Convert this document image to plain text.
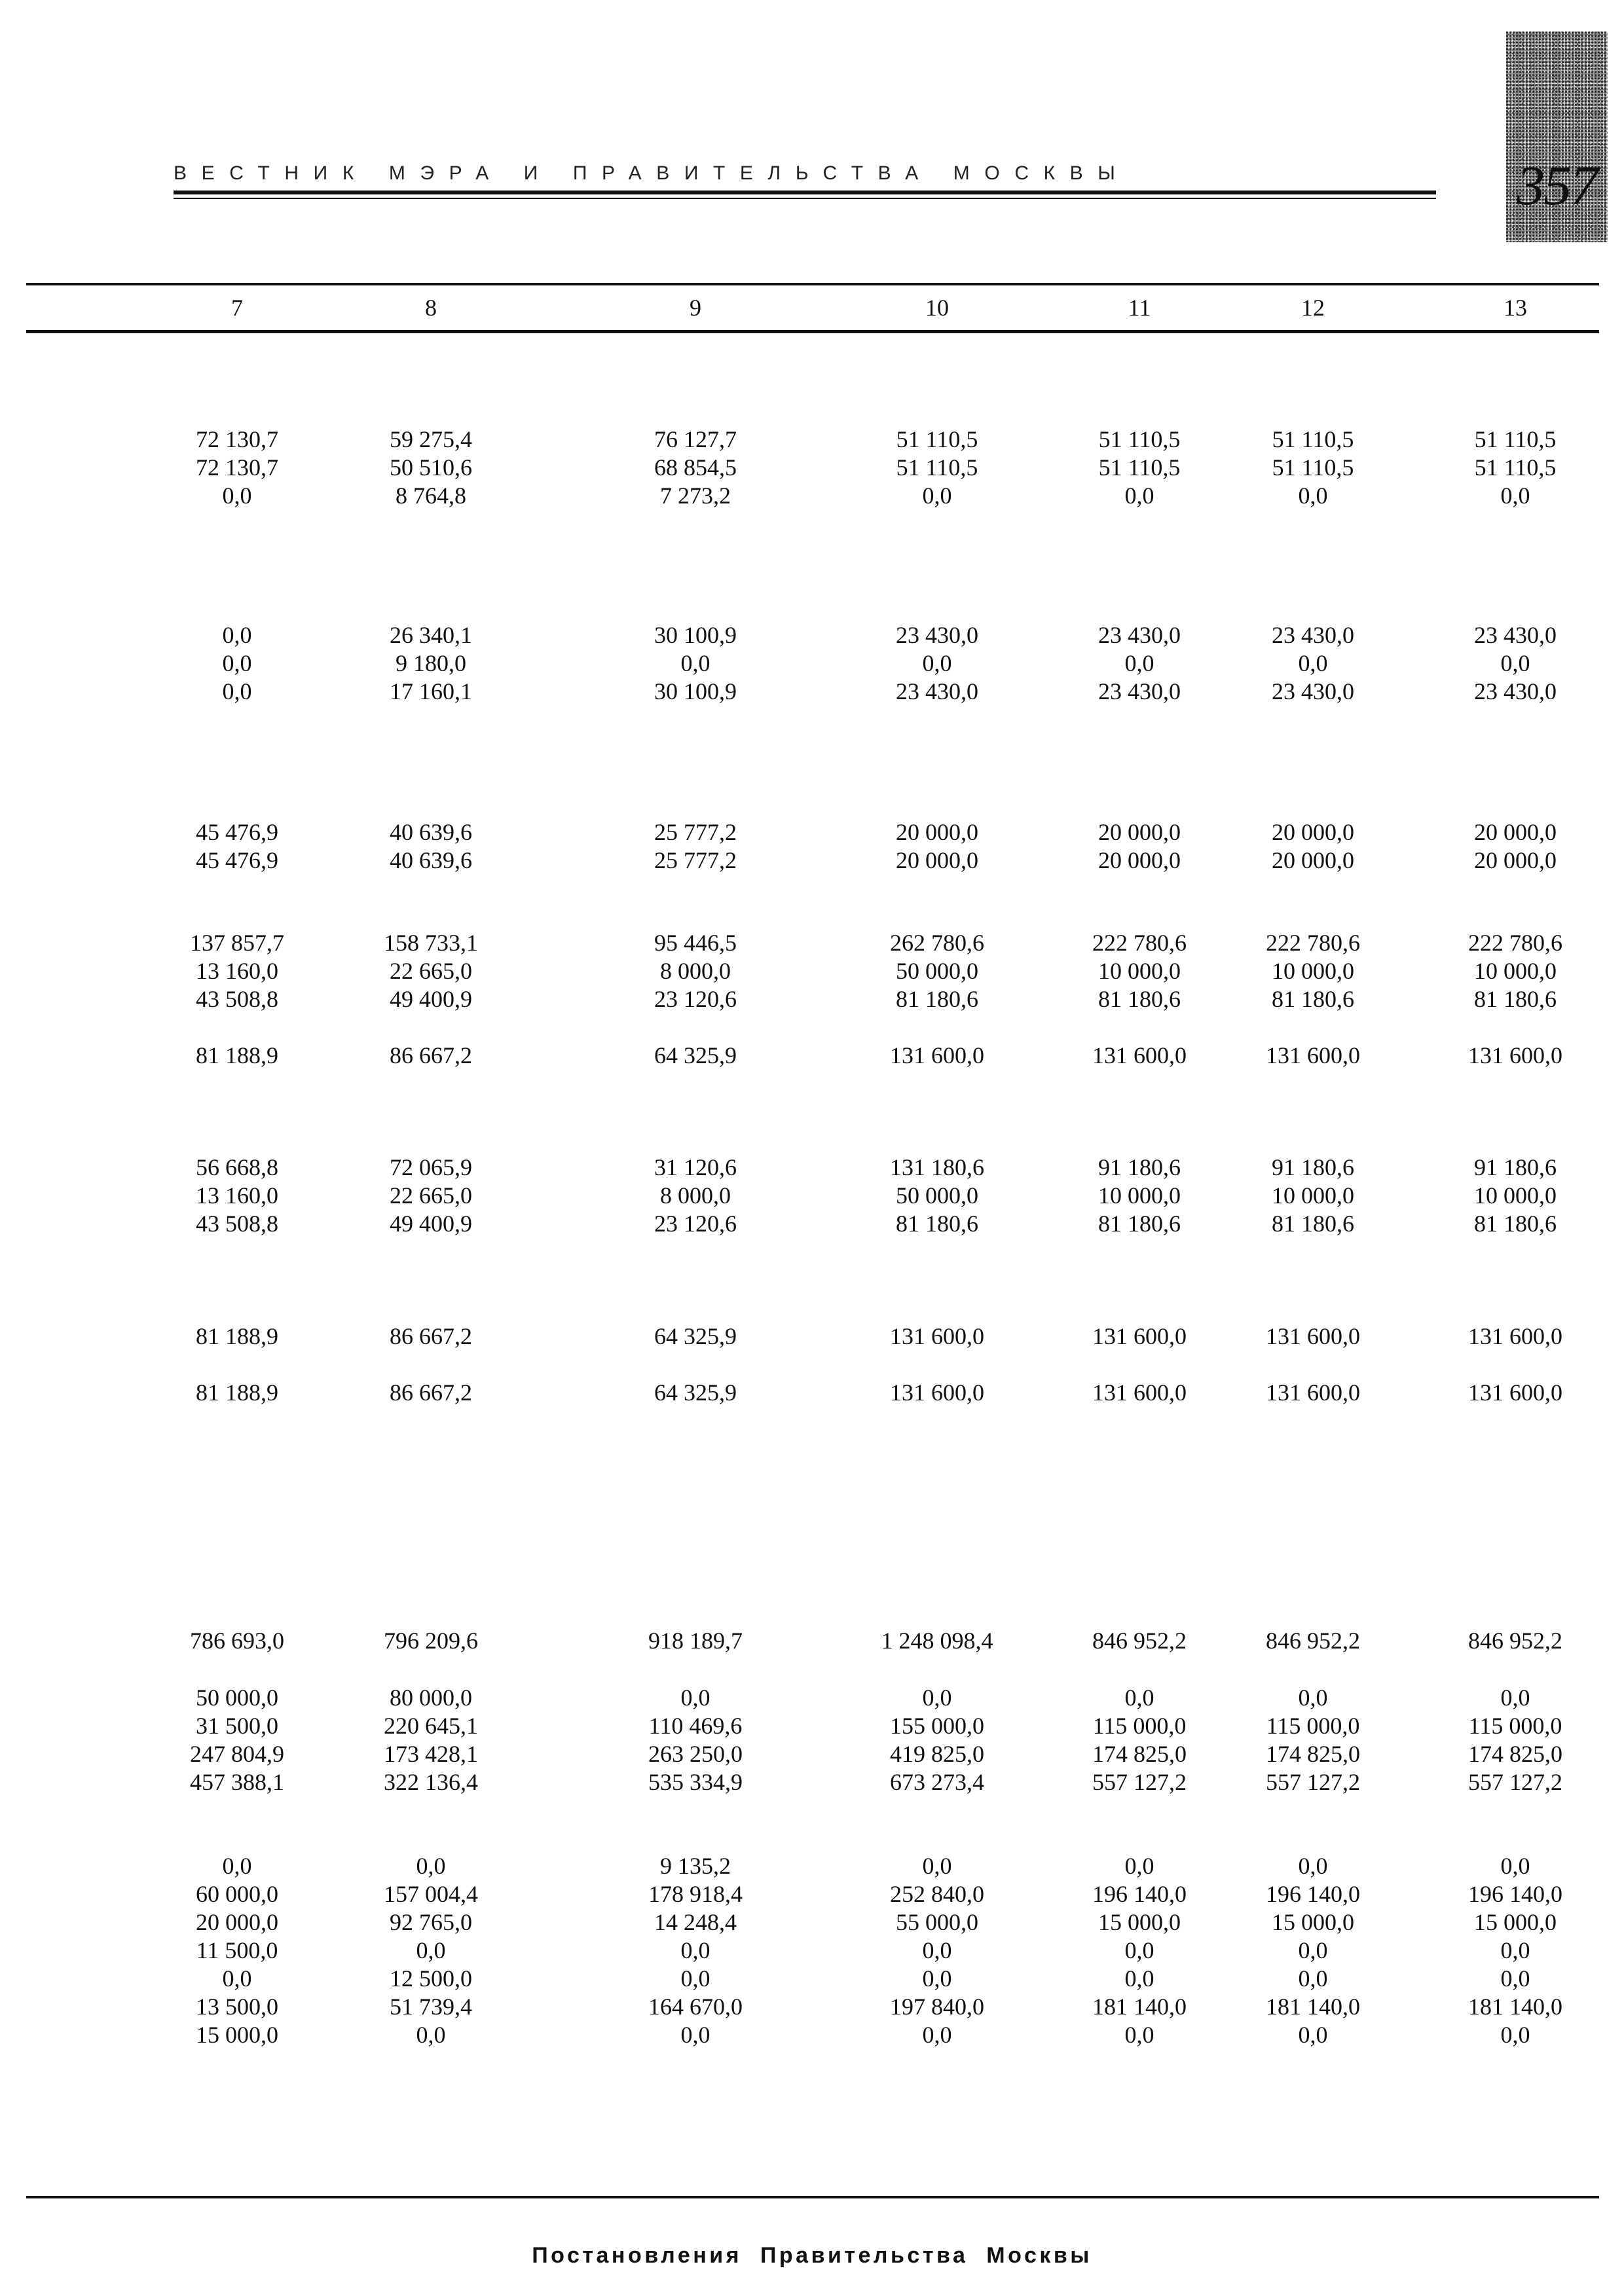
ВЕСТНИК МЭРА И ПРАВИТЕЛЬСТВА МОСКВЫ	357
7	8	9	10	11	12	13
72 130,7	59 275,4	76 127,7	51 110,5	51 110,5	51 110,5	51 110,5
72 130,7	50 510,6	68 854,5	51 110,5	51 110,5	51 110,5	51 110,5
0,0	8 764,8	7 273,2	0,0	0,0	0,0	0,0
0,0	26 340,1	30 100,9	23 430,0	23 430,0	23 430,0	23 430,0
0,0	9 180,0	0,0	0,0	0,0	0,0	0,0
0,0	17 160,1	30 100,9	23 430,0	23 430,0	23 430,0	23 430,0
45 476,9	40 639,6	25 777,2	20 000,0	20 000,0	20 000,0	20 000,0
45 476,9	40 639,6	25 777,2	20 000,0	20 000,0	20 000,0	20 000,0
137 857,7	158 733,1	95 446,5	262 780,6	222 780,6	222 780,6	222 780,6
13 160,0	22 665,0	8 000,0	50 000,0	10 000,0	10 000,0	10 000,0
43 508,8	49 400,9	23 120,6	81 180,6	81 180,6	81 180,6	81 180,6
81 188,9	86 667,2	64 325,9	131 600,0	131 600,0	131 600,0	131 600,0
56 668,8	72 065,9	31 120,6	131 180,6	91 180,6	91 180,6	91 180,6
13 160,0	22 665,0	8 000,0	50 000,0	10 000,0	10 000,0	10 000,0
43 508,8	49 400,9	23 120,6	81 180,6	81 180,6	81 180,6	81 180,6
81 188,9	86 667,2	64 325,9	131 600,0	131 600,0	131 600,0	131 600,0
81 188,9	86 667,2	64 325,9	131 600,0	131 600,0	131 600,0	131 600,0
786 693,0	796 209,6	918 189,7	1 248 098,4	846 952,2	846 952,2	846 952,2
50 000,0	80 000,0	0,0	0,0	0,0	0,0	0,0
31 500,0	220 645,1	110 469,6	155 000,0	115 000,0	115 000,0	115 000,0
247 804,9	173 428,1	263 250,0	419 825,0	174 825,0	174 825,0	174 825,0
457 388,1	322 136,4	535 334,9	673 273,4	557 127,2	557 127,2	557 127,2
0,0	0,0	9 135,2	0,0	0,0	0,0	0,0
60 000,0	157 004,4	178 918,4	252 840,0	196 140,0	196 140,0	196 140,0
20 000,0	92 765,0	14 248,4	55 000,0	15 000,0	15 000,0	15 000,0
11 500,0	0,0	0,0	0,0	0,0	0,0	0,0
0,0	12 500,0	0,0	0,0	0,0	0,0	0,0
13 500,0	51 739,4	164 670,0	197 840,0	181 140,0	181 140,0	181 140,0
15 000,0	0,0	0,0	0,0	0,0	0,0	0,0
Постановления Правительства Москвы
